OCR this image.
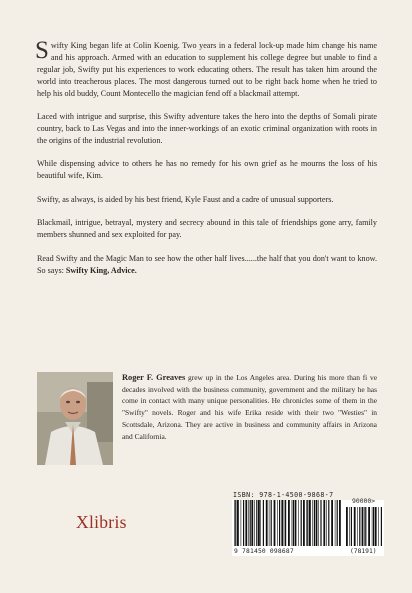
Swifty King began life at Colin Koenig. Two years in a federal lock-up made him change his name and his approach. Armed with an education to supplement his college degree but unable to find a regular job, Swifty put his experiences to work educating others. The result has taken him around the world into treacherous places. The most dangerous turned out to be right back home when he tried to help his old buddy, Count Montecello the magician fend off a blackmail attempt.

Laced with intrigue and surprise, this Swifty adventure takes the hero into the depths of Somali pirate country, back to Las Vegas and into the inner-workings of an exotic criminal organization with roots in the origins of the industrial revolution.

While dispensing advice to others he has no remedy for his own grief as he mourns the loss of his beautiful wife, Kim.

Swifty, as always, is aided by his best friend, Kyle Faust and a cadre of unusual supporters.

Blackmail, intrigue, betrayal, mystery and secrecy abound in this tale of friendships gone arry, family members shunned and sex exploited for pay.

Read Swifty and the Magic Man to see how the other half lives......the half that you don't want to know. So says: Swifty King, Advice.

Roger F. Greaves grew up in the Los Angeles area. During his more than fi ve decades involved with the business community, government and the military he has come in contact with many unique personalities. He chronicles some of them in the "Swifty" novels. Roger and his wife Erika reside with their two "Westies" in Scottsdale, Arizona. They are active in business and community affairs in Arizona and California.
Xlibris
ISBN: 978-1-4500-9868-7
90000>
9 781450 098687	(78191)
